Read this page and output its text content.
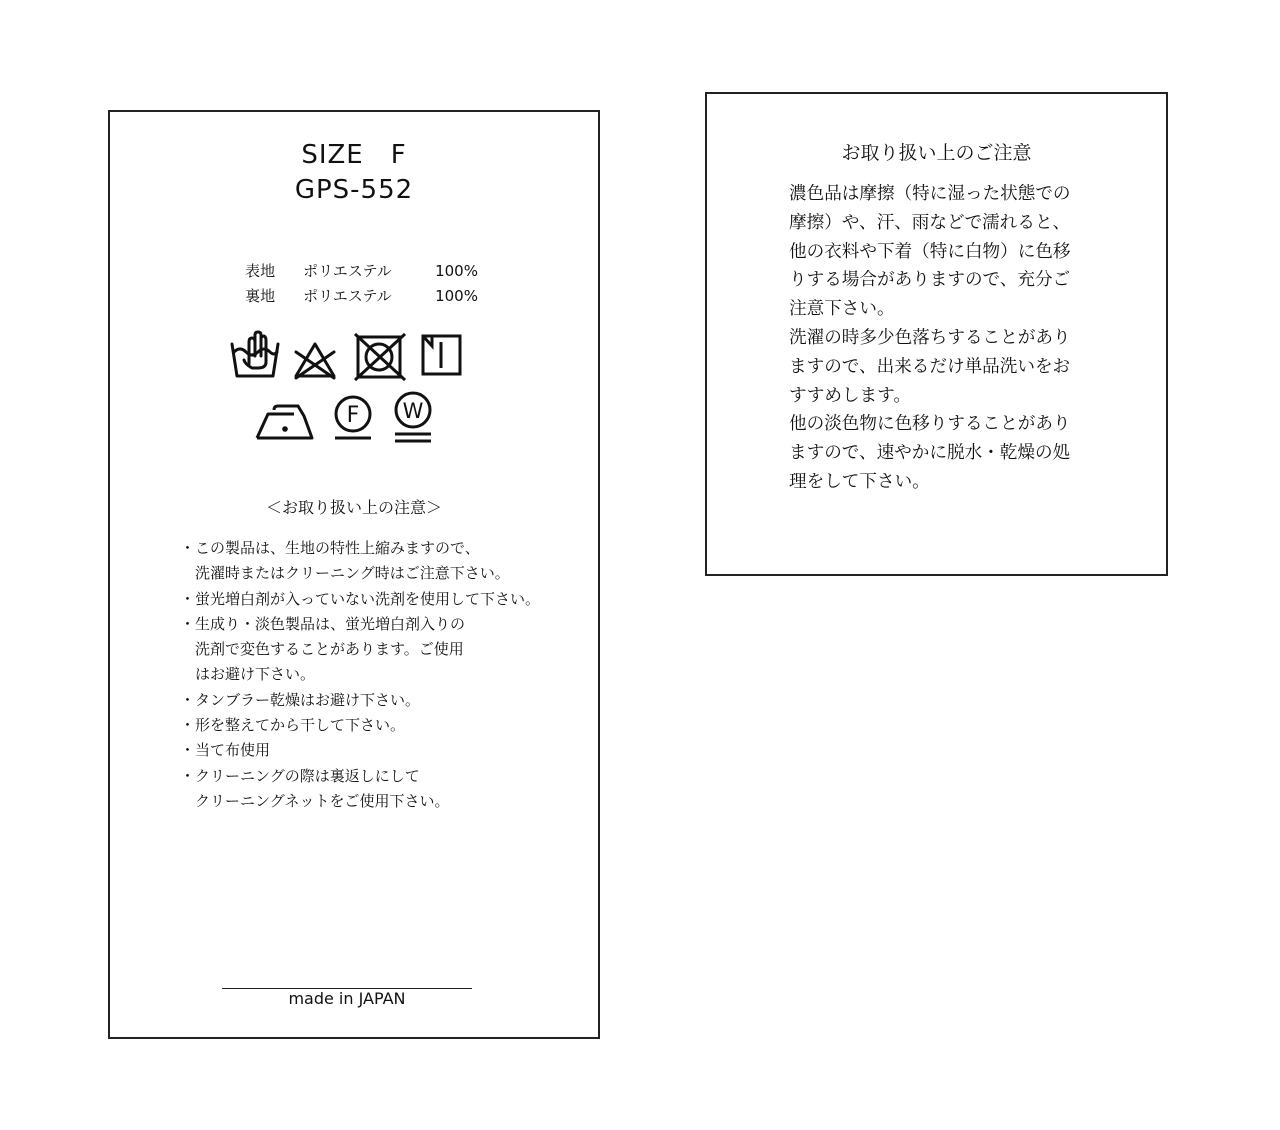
SIZE　F
GPS-552

表地 ポリエステル	100%

裏地 ポリエステル	100%

F W
＜お取り扱い上の注意＞
・ この製品は、生地の特性上縮みますので、
洗濯時またはクリーニング時はご注意下さい。
・ 蛍光増白剤が入っていない洗剤を使用して下さい。
・ 生成り・淡色製品は、蛍光増白剤入りの
洗剤で変色することがあります。ご使用
はお避け下さい。
・ タンブラー乾燥はお避け下さい。
・ 形を整えてから干して下さい。
・ 当て布使用
・ クリーニングの際は裏返しにして
クリーニングネットをご使用下さい。
made in JAPAN
お取り扱い上のご注意
濃色品は摩擦（特に湿った状態での
摩擦）や、汗、雨などで濡れると、
他の衣料や下着（特に白物）に色移
りする場合がありますので、充分ご
注意下さい。
洗濯の時多少色落ちすることがあり
ますので、出来るだけ単品洗いをお
すすめします。
他の淡色物に色移りすることがあり
ますので、速やかに脱水・乾燥の処
理をして下さい。
